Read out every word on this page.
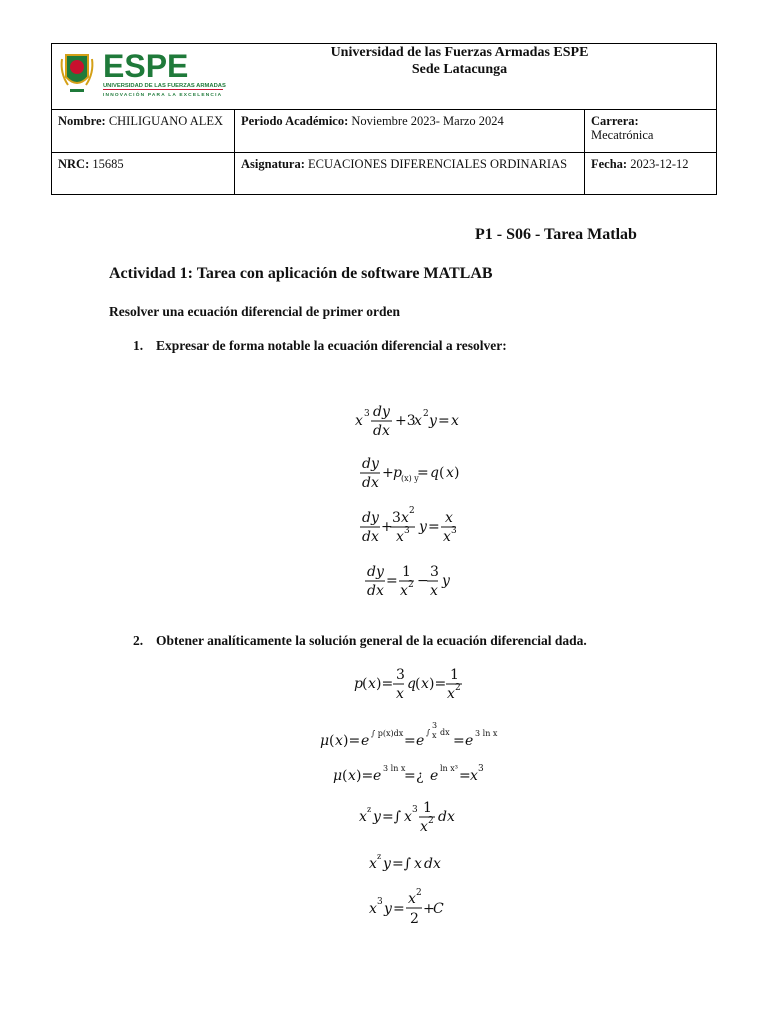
ESPE
UNIVERSIDAD DE LAS FUERZAS ARMADAS
INNOVACIÓN PARA LA EXCELENCIA
Universidad de las Fuerzas Armadas ESPE
Sede Latacunga
Nombre: CHILIGUANO ALEX	Periodo Académico: Noviembre 2023- Marzo 2024	Carrera:
Mecatrónica
NRC: 15685	Asignatura: ECUACIONES DIFERENCIALES ORDINARIAS	Fecha: 2023-12-12
P1 - S06 - Tarea Matlab
Actividad 1: Tarea con aplicación de software MATLAB
Resolver una ecuación diferencial de primer orden
1. Expresar de forma notable la ecuación diferencial a resolver:
2. Obtener analíticamente la solución general de la ecuación diferencial dada.
x 3 dy
dx
+3
x 2 y = x
dy
dx
+ p (x) y
= q ( x )
dy
dx
+
3 x 2
x 3 y =
x
x 3
dy
dx
=
1
x 2 −
3
x
y
p ( x )=
3
x
q ( x )=
1
x 2
μ ( x )= e ∫ p(x)dx = e
∫
3
x dx
= e 3 ln x
μ ( x )= e 3 ln x
= ¿ e ln x³ = x 3
x z y =∫ x 3 1
x 2 dx
x z y =∫ x dx
x 3 y =
x 2
2
+
C
